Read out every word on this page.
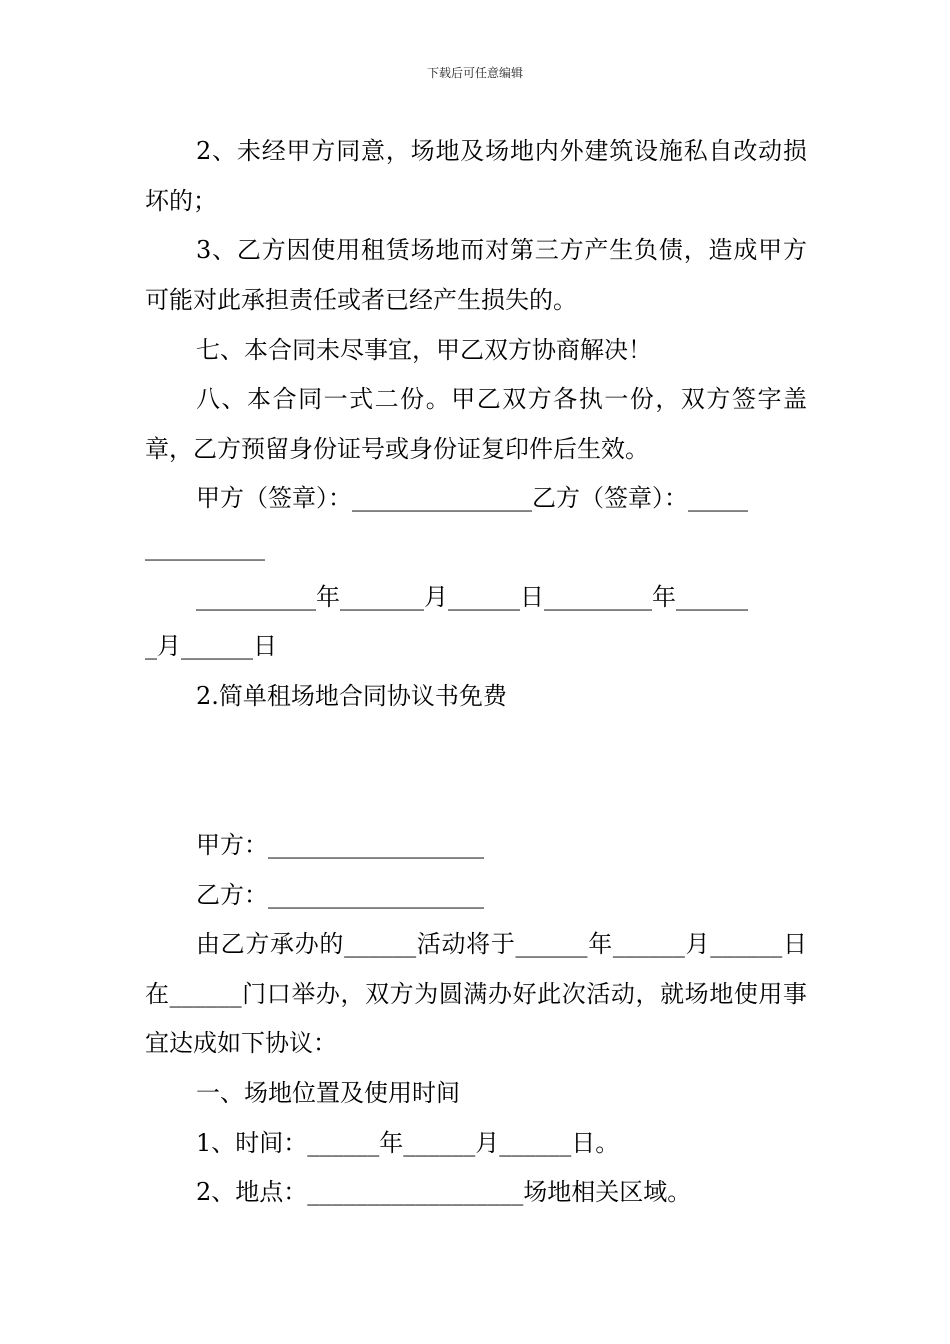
下载后可任意编辑

2、未经甲方同意，场地及场地内外建筑设施私自改动损坏的；

3、乙方因使用租赁场地而对第三方产生负债，造成甲方可能对此承担责任或者已经产生损失的。

七、本合同未尽事宜，甲乙双方协商解决！

八、本合同一式二份。甲乙双方各执一份，双方签字盖章，乙方预留身份证号或身份证复印件后生效。

甲方（签章）：_______________乙方（签章）：_____
__________
__________年_______月______日_________年______
_月______日
2.简单租场地合同协议书免费
甲方：__________________
乙方：__________________

由乙方承办的______活动将于______年______月______日在______门口举办，双方为圆满办好此次活动，就场地使用事宜达成如下协议：

一、场地位置及使用时间
1、时间：______年______月______日。
2、地点：__________________场地相关区域。
